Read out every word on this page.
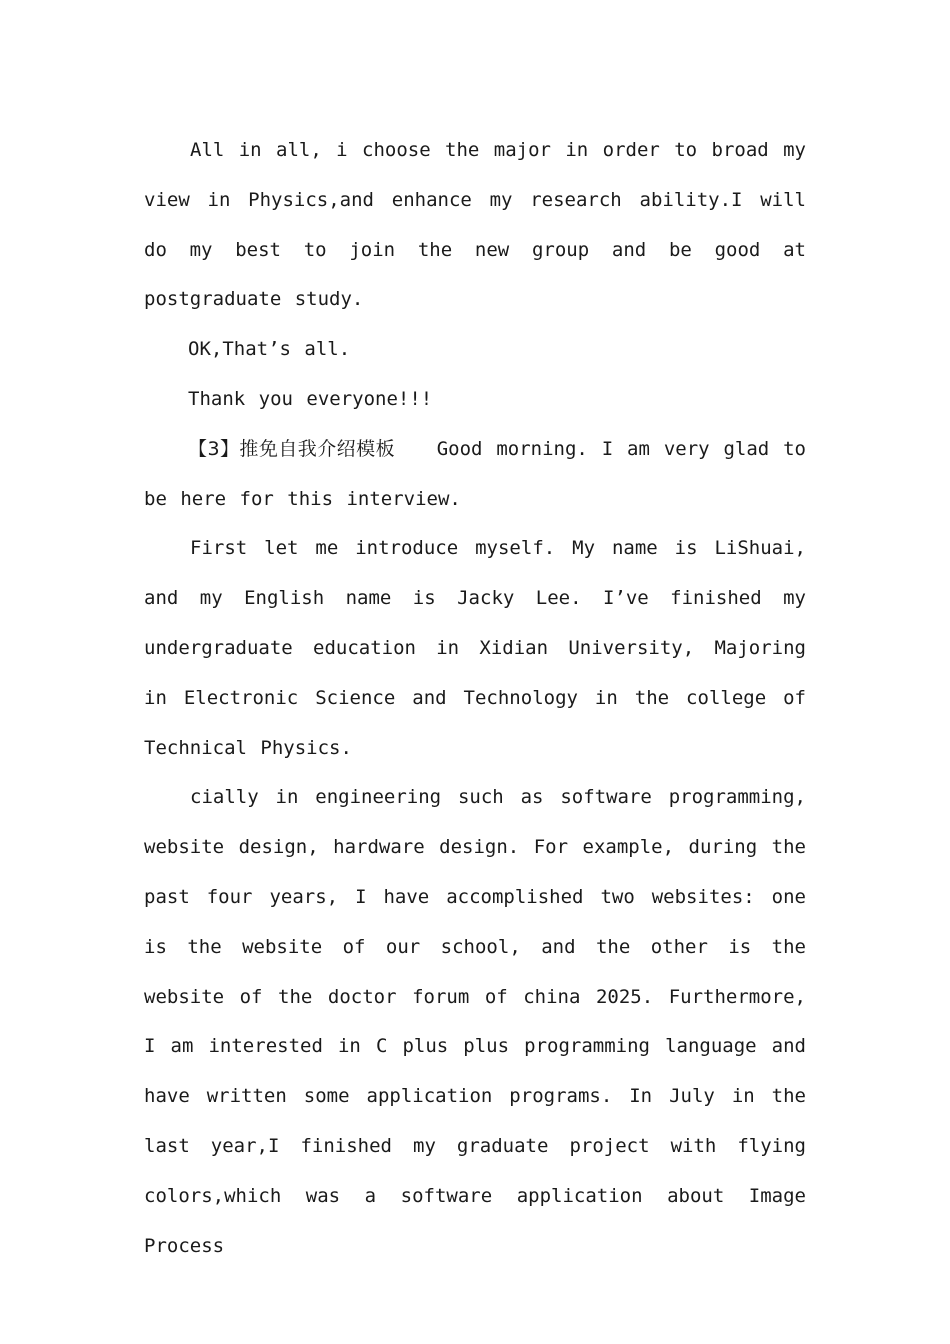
All in all, i choose the major in order to broad my view in Physics,and enhance my research ability.I will do my best to join the new group and be good at postgraduate study.

OK,That’s all.

Thank you everyone!!!

【3】推免自我介绍模板   Good morning. I am very glad to be here for this interview.

First let me introduce myself. My name is LiShuai, and my English name is Jacky Lee. I’ve finished my undergraduate education in Xidian University, Majoring in Electronic Science and Technology in the college of Technical Physics.

cially in engineering such as software programming, website design, hardware design. For example, during the past four years, I have accomplished two websites: one is the website of our school, and the other is the website of the doctor forum of china 2025. Furthermore, I am interested in C plus plus programming language and have written some application programs. In July in the last year,I finished my graduate project with flying colors,which was a software application about Image Process
